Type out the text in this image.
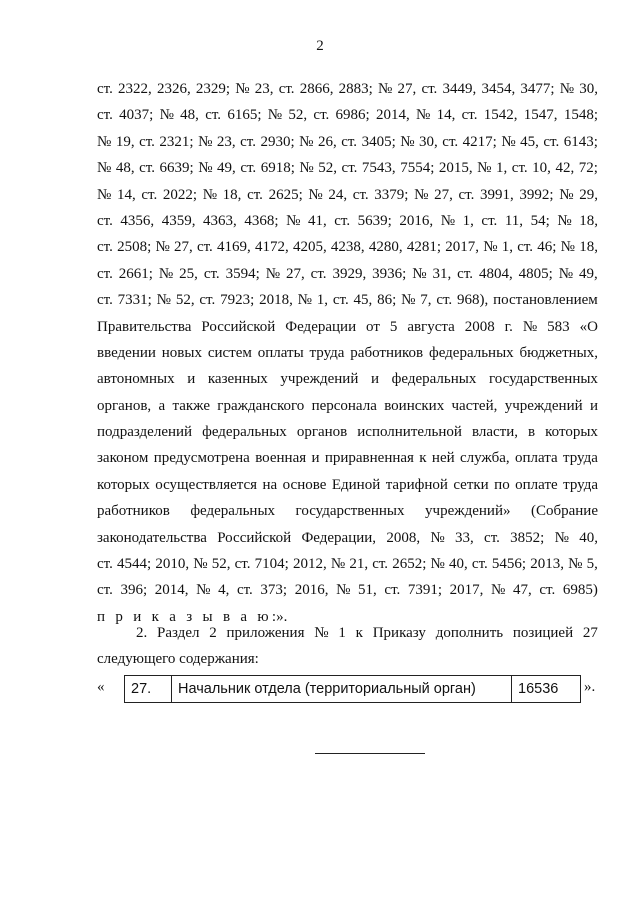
2
ст. 2322, 2326, 2329; № 23, ст. 2866, 2883; № 27, ст. 3449, 3454, 3477; № 30,
ст. 4037; № 48, ст. 6165; № 52, ст. 6986; 2014, № 14, ст. 1542, 1547, 1548;
№ 19, ст. 2321; № 23, ст. 2930; № 26, ст. 3405; № 30, ст. 4217; № 45, ст. 6143;
№ 48, ст. 6639; № 49, ст. 6918; № 52, ст. 7543, 7554; 2015, № 1, ст. 10, 42, 72;
№ 14, ст. 2022; № 18, ст. 2625; № 24, ст. 3379; № 27, ст. 3991, 3992; № 29,
ст. 4356, 4359, 4363, 4368; № 41, ст. 5639; 2016, № 1, ст. 11, 54; № 18,
ст. 2508; № 27, ст. 4169, 4172, 4205, 4238, 4280, 4281; 2017, № 1, ст. 46; № 18,
ст. 2661; № 25, ст. 3594; № 27, ст. 3929, 3936; № 31, ст. 4804, 4805; № 49,
ст. 7331; № 52, ст. 7923; 2018, № 1, ст. 45, 86; № 7, ст. 968), постановлением
Правительства Российской Федерации от 5 августа 2008 г. № 583 «О
введении новых систем оплаты труда работников федеральных бюджетных,
автономных и казенных учреждений и федеральных государственных
органов, а также гражданского персонала воинских частей, учреждений и
подразделений федеральных органов исполнительной власти, в которых
законом предусмотрена военная и приравненная к ней служба, оплата труда
которых осуществляется на основе Единой тарифной сетки по оплате труда
работников федеральных государственных учреждений» (Собрание
законодательства Российской Федерации, 2008, № 33, ст. 3852; № 40,
ст. 4544; 2010, № 52, ст. 7104; 2012, № 21, ст. 2652; № 40, ст. 5456; 2013, № 5,
ст. 396; 2014, № 4, ст. 373; 2016, № 51, ст. 7391; 2017, № 47, ст. 6985)
п р и к а з ы в а ю :».
2. Раздел 2 приложения № 1 к Приказу дополнить позицией 27
следующего содержания:
« 27.	Начальник отдела (территориальный орган)	16536 ».
